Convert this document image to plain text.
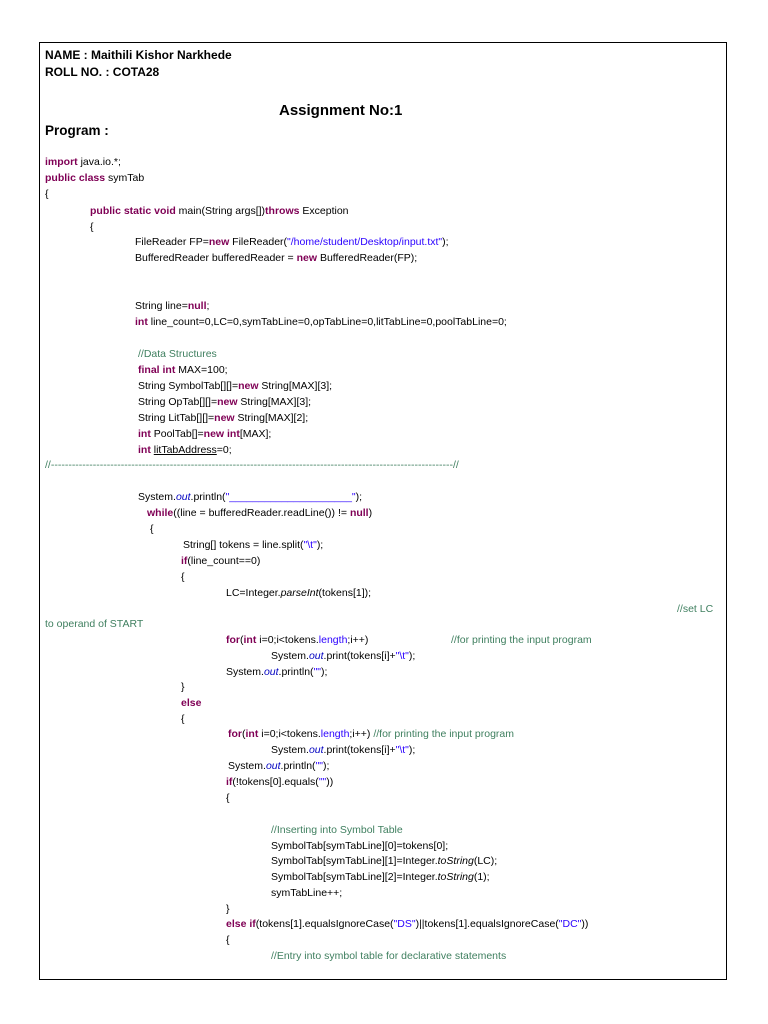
NAME : Maithili Kishor Narkhede
ROLL NO. : COTA28
Assignment No:1
Program :
import java.io.*;
public class symTab
{
public static void main(String args[])throws Exception
{
FileReader FP=new FileReader("/home/student/Desktop/input.txt");
BufferedReader bufferedReader = new BufferedReader(FP);
String line=null;
int line_count=0,LC=0,symTabLine=0,opTabLine=0,litTabLine=0,poolTabLine=0;
//Data Structures
final int MAX=100;
String SymbolTab[][]=new String[MAX][3];
String OpTab[][]=new String[MAX][3];
String LitTab[][]=new String[MAX][2];
int PoolTab[]=new int[MAX];
int litTabAddress=0;
//-------------------------------------------------------------------------------------------------------------------//
System.out.println("_____________________");
while((line = bufferedReader.readLine()) != null)
{
String[] tokens = line.split("\t");
if(line_count==0)
{
LC=Integer.parseInt(tokens[1]);
//set LC
to operand of START
for(int i=0;i<tokens.length;i++)	//for printing the input program
System.out.print(tokens[i]+"\t");
System.out.println("");
}
else
{
for(int i=0;i<tokens.length;i++) //for printing the input program
System.out.print(tokens[i]+"\t");
System.out.println("");
if(!tokens[0].equals(""))
{
//Inserting into Symbol Table
SymbolTab[symTabLine][0]=tokens[0];
SymbolTab[symTabLine][1]=Integer.toString(LC);
SymbolTab[symTabLine][2]=Integer.toString(1);
symTabLine++;
}
else if(tokens[1].equalsIgnoreCase("DS")||tokens[1].equalsIgnoreCase("DC"))
{
//Entry into symbol table for declarative statements
